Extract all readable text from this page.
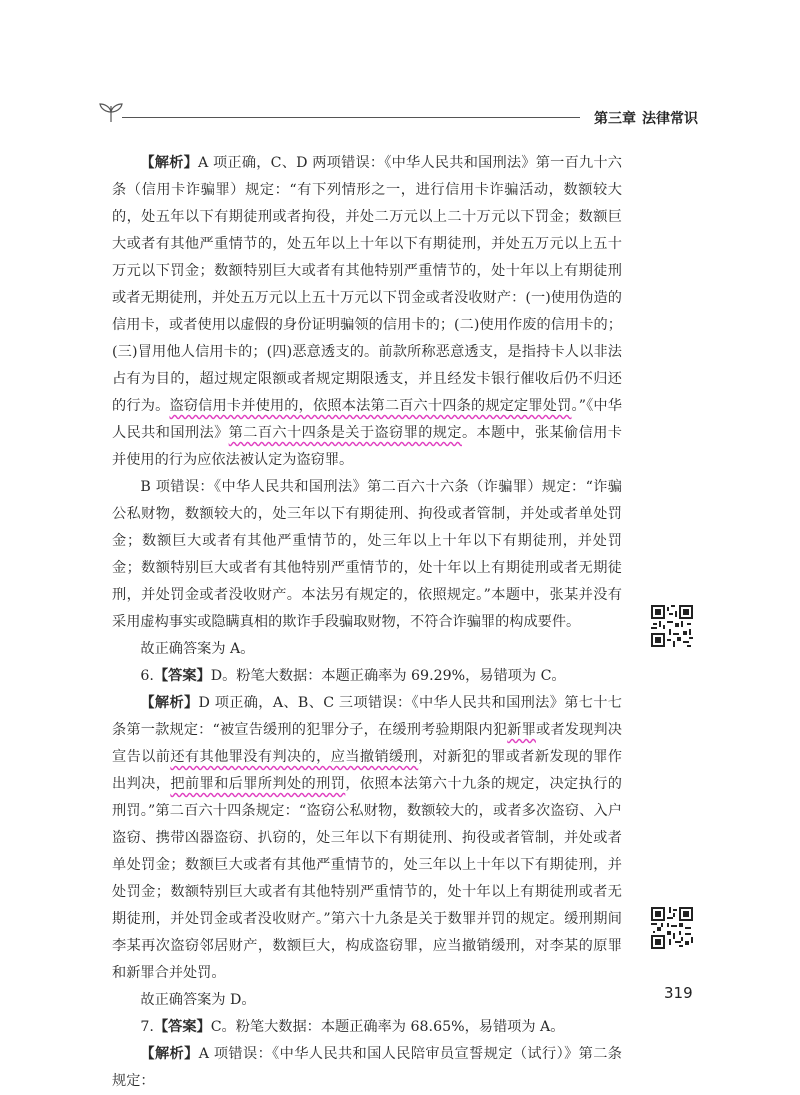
第三章 法律常识

【解析】A 项正确，C、D 两项错误：《中华人民共和国刑法》第一百九十六条（信用卡诈骗罪）规定：“有下列情形之一，进行信用卡诈骗活动，数额较大的，处五年以下有期徒刑或者拘役，并处二万元以上二十万元以下罚金；数额巨大或者有其他严重情节的，处五年以上十年以下有期徒刑，并处五万元以上五十万元以下罚金；数额特别巨大或者有其他特别严重情节的，处十年以上有期徒刑或者无期徒刑，并处五万元以上五十万元以下罚金或者没收财产：(一)使用伪造的信用卡，或者使用以虚假的身份证明骗领的信用卡的；(二)使用作废的信用卡的；(三)冒用他人信用卡的；(四)恶意透支的。前款所称恶意透支，是指持卡人以非法占有为目的，超过规定限额或者规定期限透支，并且经发卡银行催收后仍不归还的行为。盗窃信用卡并使用的，依照本法第二百六十四条的规定定罪处罚。”《中华人民共和国刑法》第二百六十四条是关于盗窃罪的规定。本题中，张某偷信用卡并使用的行为应依法被认定为盗窃罪。

B 项错误：《中华人民共和国刑法》第二百六十六条（诈骗罪）规定：“诈骗公私财物，数额较大的，处三年以下有期徒刑、拘役或者管制，并处或者单处罚金；数额巨大或者有其他严重情节的，处三年以上十年以下有期徒刑，并处罚金；数额特别巨大或者有其他特别严重情节的，处十年以上有期徒刑或者无期徒刑，并处罚金或者没收财产。本法另有规定的，依照规定。”本题中，张某并没有采用虚构事实或隐瞒真相的欺诈手段骗取财物，不符合诈骗罪的构成要件。

故正确答案为 A。

6.【答案】D。粉笔大数据：本题正确率为 69.29%，易错项为 C。

【解析】D 项正确，A、B、C 三项错误：《中华人民共和国刑法》第七十七条第一款规定：“被宣告缓刑的犯罪分子，在缓刑考验期限内犯新罪或者发现判决宣告以前还有其他罪没有判决的，应当撤销缓刑，对新犯的罪或者新发现的罪作出判决，把前罪和后罪所判处的刑罚，依照本法第六十九条的规定，决定执行的刑罚。”第二百六十四条规定：“盗窃公私财物，数额较大的，或者多次盗窃、入户盗窃、携带凶器盗窃、扒窃的，处三年以下有期徒刑、拘役或者管制，并处或者单处罚金；数额巨大或者有其他严重情节的，处三年以上十年以下有期徒刑，并处罚金；数额特别巨大或者有其他特别严重情节的，处十年以上有期徒刑或者无期徒刑，并处罚金或者没收财产。”第六十九条是关于数罪并罚的规定。缓刑期间李某再次盗窃邻居财产，数额巨大，构成盗窃罪，应当撤销缓刑，对李某的原罪和新罪合并处罚。

故正确答案为 D。

7.【答案】C。粉笔大数据：本题正确率为 68.65%，易错项为 A。

【解析】A 项错误：《中华人民共和国人民陪审员宣誓规定（试行）》第二条规定：

319
